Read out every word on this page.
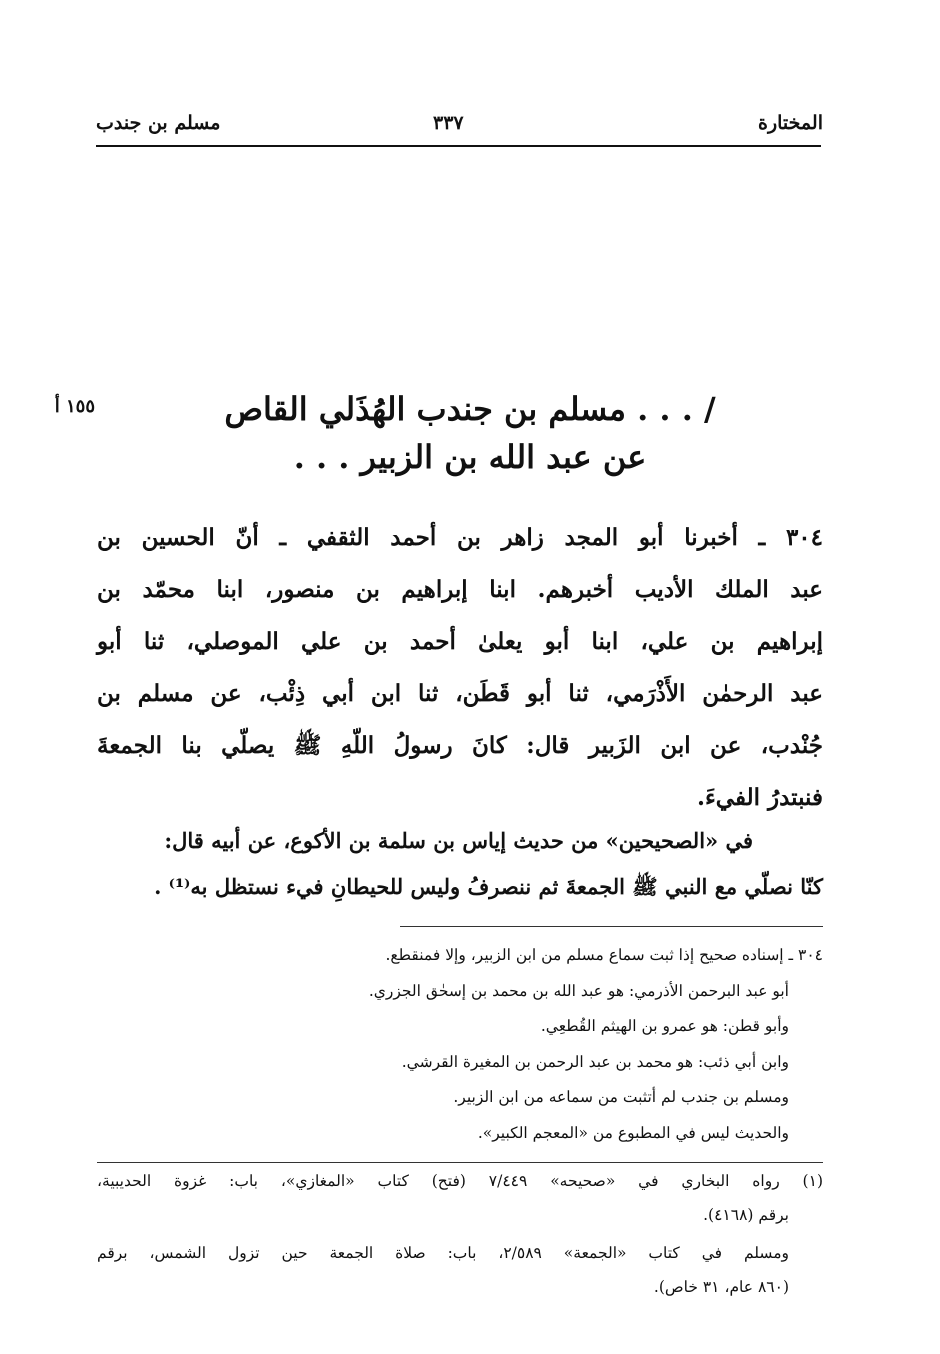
المختارة
٣٣٧
مسلم بن جندب
١٥٥ أ	/ . . . مسلم بن جندب الهُذَلي القاص
عن عبد الله بن الزبير . . .
٣٠٤ ـ أخبرنا أبو المجد زاهر بن أحمد الثقفي ـ أنّ الحسين بن
عبد الملك الأديب أخبرهم. ابنا إبراهيم بن منصور، ابنا محمّد بن
إبراهيم بن علي، ابنا أبو يعلىٰ أحمد بن علي الموصلي، ثنا أبو
عبد الرحمٰن الأَذْرَمي، ثنا أبو قَطَن، ثنا ابن أبي ذِئْب، عن مسلم بن
جُنْدب، عن ابن الزَبير قال: كانَ رسولُ اللّهِ ﷺ يصلّي بنا الجمعةَ
فنبتدرُ الفيءَ.
في «الصحيحين» من حديث إياس بن سلمة بن الأكوع، عن أبيه قال:
كنّا نصلّي مع النبي ﷺ الجمعةَ ثم ننصرفُ وليس للحيطانِ فيء نستظل به⁽¹⁾ .
٣٠٤ ـ إسناده صحيح إذا ثبت سماع مسلم من ابن الزبير، وإلا فمنقطع.
أبو عبد البرحمن الأذرمي: هو عبد الله بن محمد بن إسحٰق الجزري.
وأبو قطن: هو عمرو بن الهيثم القُطعِي.
وابن أبي ذئب: هو محمد بن عبد الرحمن بن المغيرة القرشي.
ومسلم بن جندب لم أتثبت من سماعه من ابن الزبير.
والحديث ليس في المطبوع من «المعجم الكبير».
(١) رواه البخاري في «صحيحه» ٧/٤٤٩ (فتح) كتاب «المغازي»، باب: غزوة الحديبية،
برقم (٤١٦٨).
ومسلم في كتاب «الجمعة» ٢/٥٨٩، باب: صلاة الجمعة حين تزول الشمس، برقم
(٨٦٠ عام، ٣١ خاص).
